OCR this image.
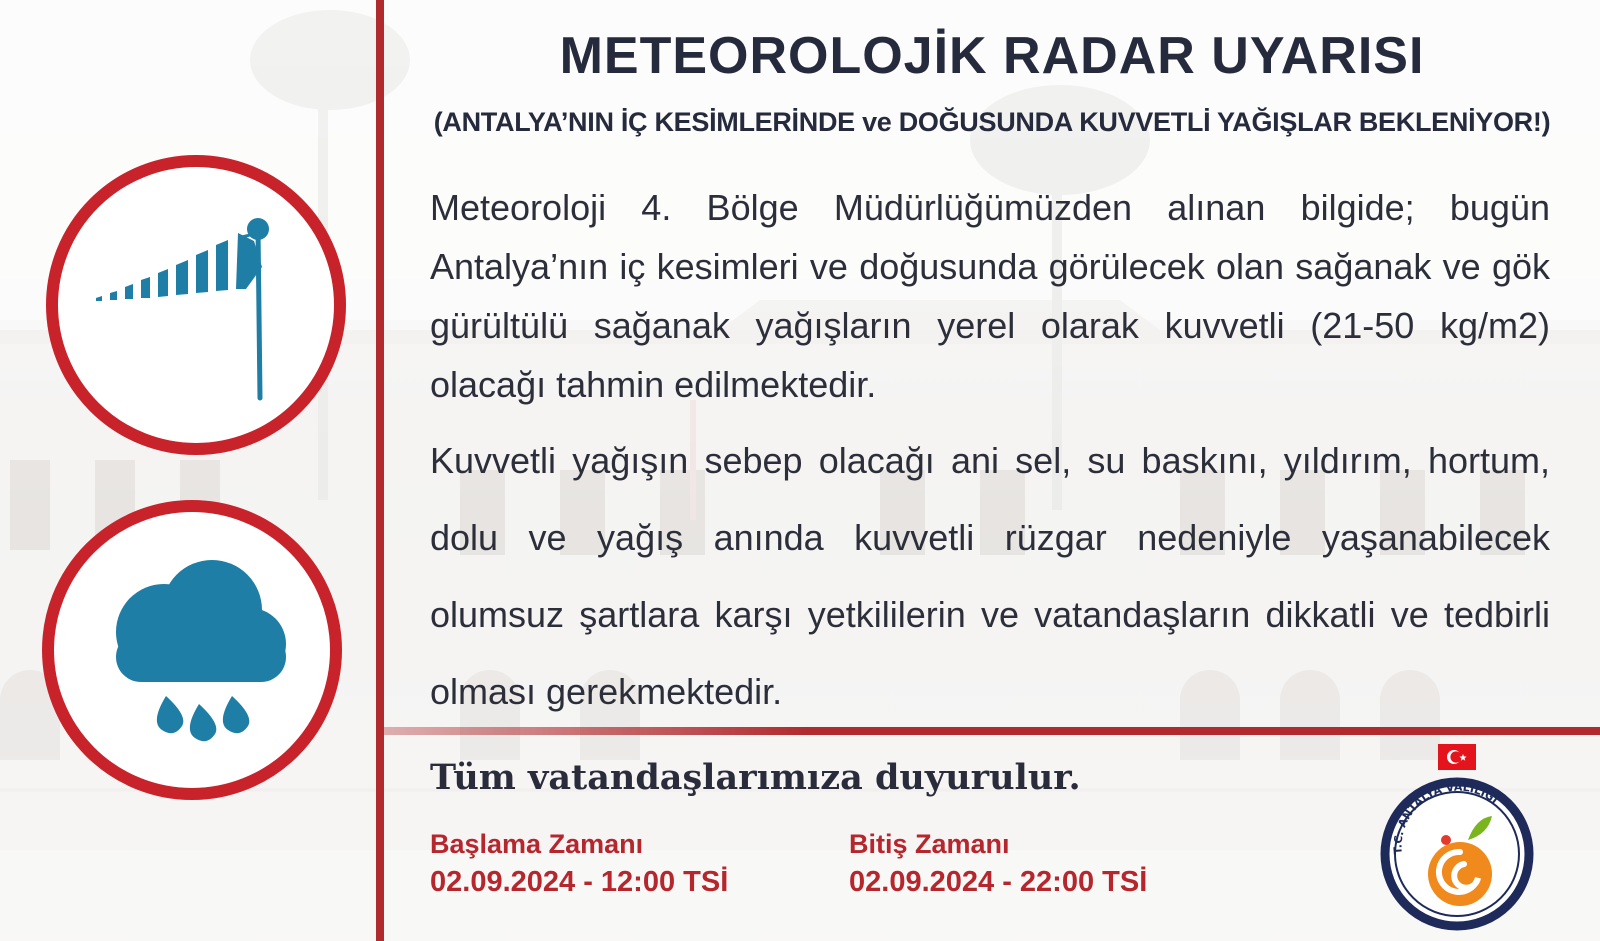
METEOROLOJİK RADAR UYARISI
(ANTALYA’NIN İÇ KESİMLERİNDE ve DOĞUSUNDA KUVVETLİ YAĞIŞLAR BEKLENİYOR!)
Meteoroloji 4. Bölge Müdürlüğümüzden alınan bilgide; bugün Antalya’nın iç kesimleri ve doğusunda görülecek olan sağanak ve gök gürültülü sağanak yağışların yerel olarak kuvvetli (21-50 kg/m2) olacağı tahmin edilmektedir.
Kuvvetli yağışın sebep olacağı ani sel, su baskını, yıldırım, hortum, dolu ve yağış anında kuvvetli rüzgar nedeniyle yaşanabilecek olumsuz şartlara karşı yetkililerin ve vatandaşların dikkatli ve tedbirli olması gerekmektedir.
Tüm vatandaşlarımıza duyurulur.
Başlama Zamanı
02.09.2024 - 12:00 TSİ
Bitiş Zamanı
02.09.2024 - 22:00 TSİ
T.C. ANTALYA VALİLİĞİ
